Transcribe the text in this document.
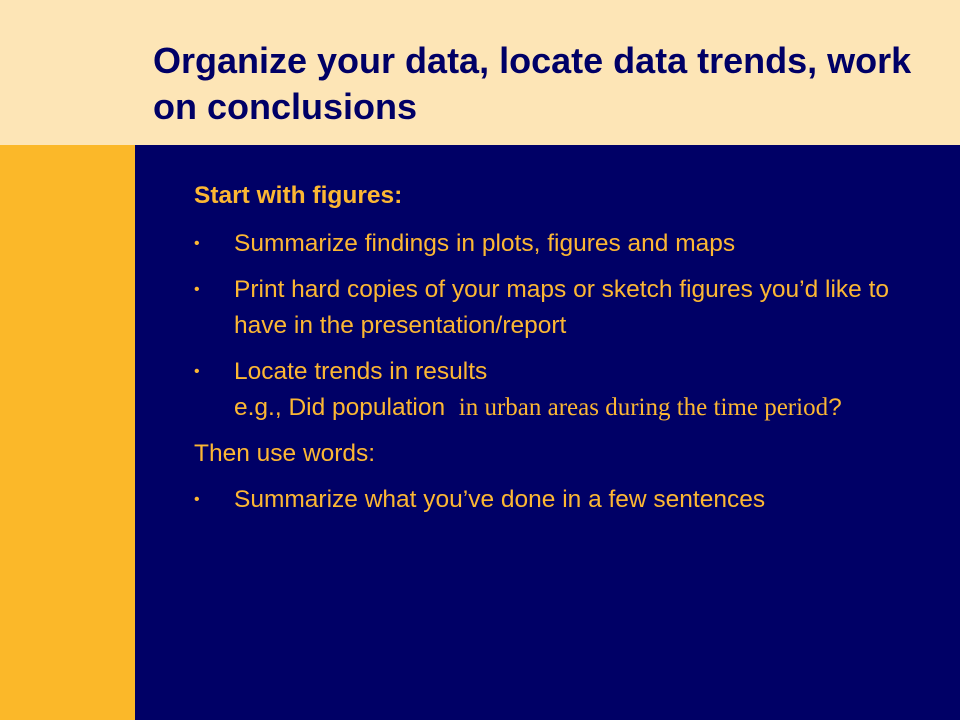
Organize your data, locate data trends, work on conclusions
Start with figures:
•	Summarize findings in plots, figures and maps
•	Print hard copies of your maps or sketch figures you’d like to have in the presentation/report
•	Locate trends in results
e.g., Did population in urban areas during the time period?
Then use words:
•	Summarize what you’ve done in a few sentences
